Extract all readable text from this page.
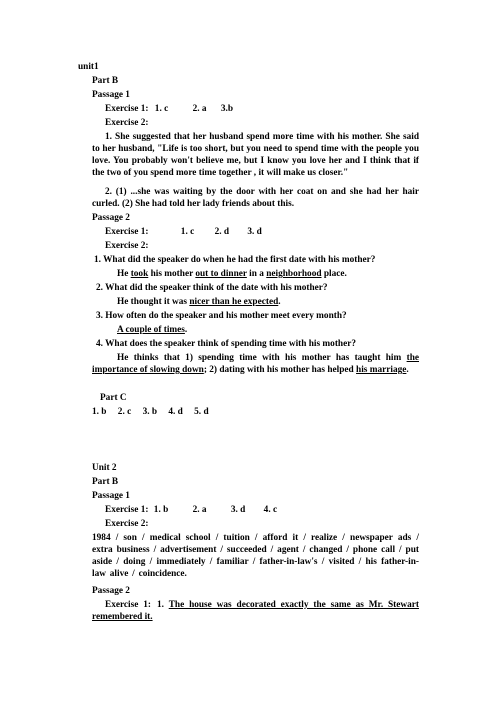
unit1
Part B
Passage 1
Exercise 1: 1. c	2. a 3.b
Exercise 2:
1. She suggested that her husband spend more time with his mother. She said to her husband, "Life is too short, but you need to spend time with the people you love. You probably won't believe me, but I know you love her and I think that if the two of you spend more time together , it will make us closer."
2. (1) ...she was waiting by the door with her coat on and she had her hair curled. (2) She had told her lady friends about this.
Passage 2
Exercise 1:	1. c 2. d 3. d
Exercise 2:
1. What did the speaker do when he had the first date with his mother?
He took his mother out to dinner in a neighborhood place.
2. What did the speaker think of the date with his mother?
He thought it was nicer than he expected.
3. How often do the speaker and his mother meet every month?
A couple of times.
4. What does the speaker think of spending time with his mother?
He thinks that 1) spending time with his mother has taught him the importance of slowing down; 2) dating with his mother has helped his marriage.
Part C
1. b 2. c 3. b 4. d 5. d
Unit 2
Part B
Passage 1
Exercise 1: 1. b	2. a	3. d 4. c
Exercise 2:
1984 / son / medical school / tuition / afford it / realize / newspaper ads / extra business / advertisement / succeeded / agent / changed / phone call / put aside / doing / immediately / familiar / father-in-law's / visited / his father-in-law alive / coincidence.
Passage 2
Exercise 1: 1. The house was decorated exactly the same as Mr. Stewart remembered it.
